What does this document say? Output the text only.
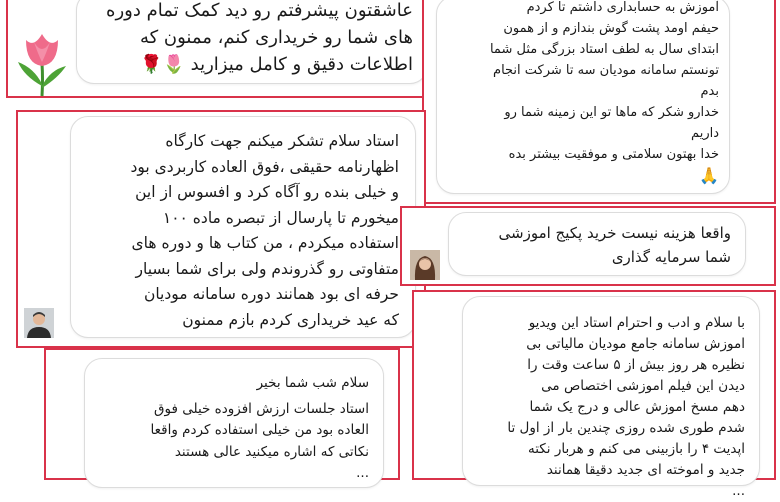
عاشقتون پیشرفتم رو دید کمک تمام دوره
های شما رو خریداری کنم، ممنون که
اطلاعات دقیق و کامل میزارید 🌷🌹
آموزش به حسابداری داشتم تا کردم
حیفم اومد پشت گوش بندازم و از همون
ابتدای سال به لطف استاد بزرگی مثل شما
تونستم سامانه مودیان سه تا شرکت انجام
بدم
خدارو شکر که ماها تو این زمینه شما رو
داریم
خدا بهتون سلامتی و موفقیت بیشتر بده
🙏
استاد سلام تشکر میکنم جهت کارگاه
اظهارنامه حقیقی ،فوق العاده کاربردی بود
و خیلی بنده رو آگاه کرد و افسوس از این
میخورم تا پارسال از تبصره ماده ۱۰۰
استفاده میکردم ، من کتاب ها و دوره های
متفاوتی رو گذروندم ولی برای شما بسیار
حرفه ای بود همانند دوره سامانه مودیان
که عید خریداری کردم بازم ممنون
واقعا هزینه نیست خرید پکیج اموزشی
شما سرمایه گذاری
با سلام و ادب و احترام استاد این ویدیو
اموزش سامانه جامع مودیان مالیاتی بی
نظیره هر روز بیش از ۵ ساعت وقت را
دیدن این فیلم اموزشی اختصاص می
دهم مسخ اموزش عالی و درج یک شما
شدم طوری شده روزی چندین بار از اول تا
اپدیت ۴ را بازبینی می کنم و هربار نکته
جدید و اموخته ای جدید دقیقا همانند
...
سلام شب شما بخیر
استاد جلسات ارزش افزوده خیلی فوق
العاده بود من خیلی استفاده کردم واقعا
نکاتی که اشاره میکنید عالی هستند
...
